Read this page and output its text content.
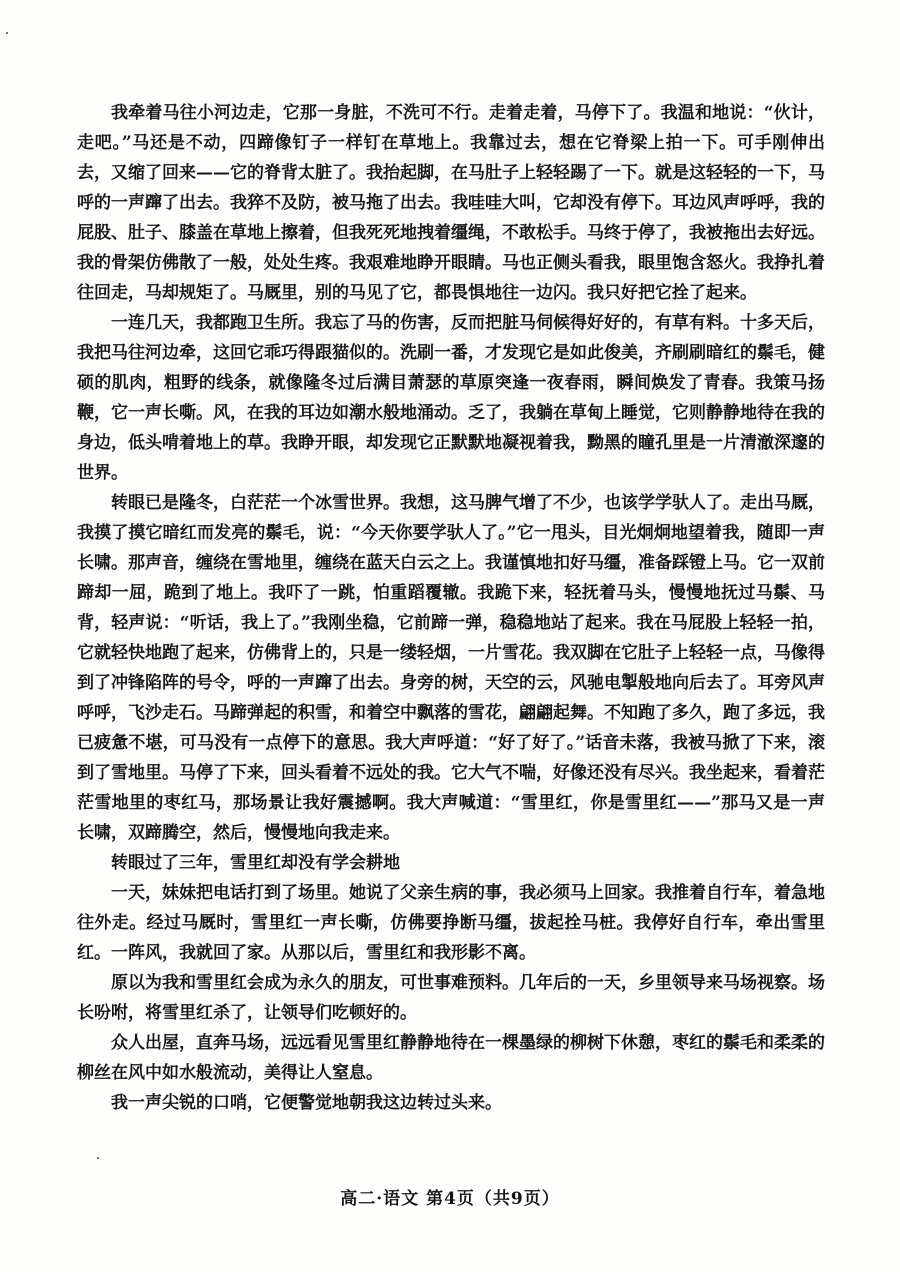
我牵着马往小河边走，它那一身脏，不洗可不行。走着走着，马停下了。我温和地说：“伙计，走吧。”马还是不动，四蹄像钉子一样钉在草地上。我靠过去，想在它脊梁上拍一下。可手刚伸出去，又缩了回来——它的脊背太脏了。我抬起脚，在马肚子上轻轻踢了一下。就是这轻轻的一下，马呼的一声蹿了出去。我猝不及防，被马拖了出去。我哇哇大叫，它却没有停下。耳边风声呼呼，我的屁股、肚子、膝盖在草地上擦着，但我死死地拽着缰绳，不敢松手。马终于停了，我被拖出去好远。我的骨架仿佛散了一般，处处生疼。我艰难地睁开眼睛。马也正侧头看我，眼里饱含怒火。我挣扎着往回走，马却规矩了。马厩里，别的马见了它，都畏惧地往一边闪。我只好把它拴了起来。

一连几天，我都跑卫生所。我忘了马的伤害，反而把脏马伺候得好好的，有草有料。十多天后，我把马往河边牵，这回它乖巧得跟猫似的。洗刷一番，才发现它是如此俊美，齐刷刷暗红的鬃毛，健硕的肌肉，粗野的线条，就像隆冬过后满目萧瑟的草原突逢一夜春雨，瞬间焕发了青春。我策马扬鞭，它一声长嘶。风，在我的耳边如潮水般地涌动。乏了，我躺在草甸上睡觉，它则静静地待在我的身边，低头啃着地上的草。我睁开眼，却发现它正默默地凝视着我，黝黑的瞳孔里是一片清澈深邃的世界。

转眼已是隆冬，白茫茫一个冰雪世界。我想，这马脾气增了不少，也该学学驮人了。走出马厩，我摸了摸它暗红而发亮的鬃毛，说：“今天你要学驮人了。”它一甩头，目光炯炯地望着我，随即一声长啸。那声音，缠绕在雪地里，缠绕在蓝天白云之上。我谨慎地扣好马缰，准备踩镫上马。它一双前蹄却一屈，跪到了地上。我吓了一跳，怕重蹈覆辙。我跪下来，轻抚着马头，慢慢地抚过马鬃、马背，轻声说：“听话，我上了。”我刚坐稳，它前蹄一弹，稳稳地站了起来。我在马屁股上轻轻一拍，它就轻快地跑了起来，仿佛背上的，只是一缕轻烟，一片雪花。我双脚在它肚子上轻轻一点，马像得到了冲锋陷阵的号令，呼的一声蹿了出去。身旁的树，天空的云，风驰电掣般地向后去了。耳旁风声呼呼，飞沙走石。马蹄弹起的积雪，和着空中飘落的雪花，翩翩起舞。不知跑了多久，跑了多远，我已疲惫不堪，可马没有一点停下的意思。我大声呼道：“好了好了。”话音未落，我被马掀了下来，滚到了雪地里。马停了下来，回头看着不远处的我。它大气不喘，好像还没有尽兴。我坐起来，看着茫茫雪地里的枣红马，那场景让我好震撼啊。我大声喊道：“雪里红，你是雪里红——”那马又是一声长啸，双蹄腾空，然后，慢慢地向我走来。

转眼过了三年，雪里红却没有学会耕地

一天，妹妹把电话打到了场里。她说了父亲生病的事，我必须马上回家。我推着自行车，着急地往外走。经过马厩时，雪里红一声长嘶，仿佛要挣断马缰，拔起拴马桩。我停好自行车，牵出雪里红。一阵风，我就回了家。从那以后，雪里红和我形影不离。

原以为我和雪里红会成为永久的朋友，可世事难预料。几年后的一天，乡里领导来马场视察。场长吩咐，将雪里红杀了，让领导们吃顿好的。

众人出屋，直奔马场，远远看见雪里红静静地待在一棵墨绿的柳树下休憩，枣红的鬃毛和柔柔的柳丝在风中如水般流动，美得让人窒息。

我一声尖锐的口哨，它便警觉地朝我这边转过头来。

高二·语文 第4页（共9页）
